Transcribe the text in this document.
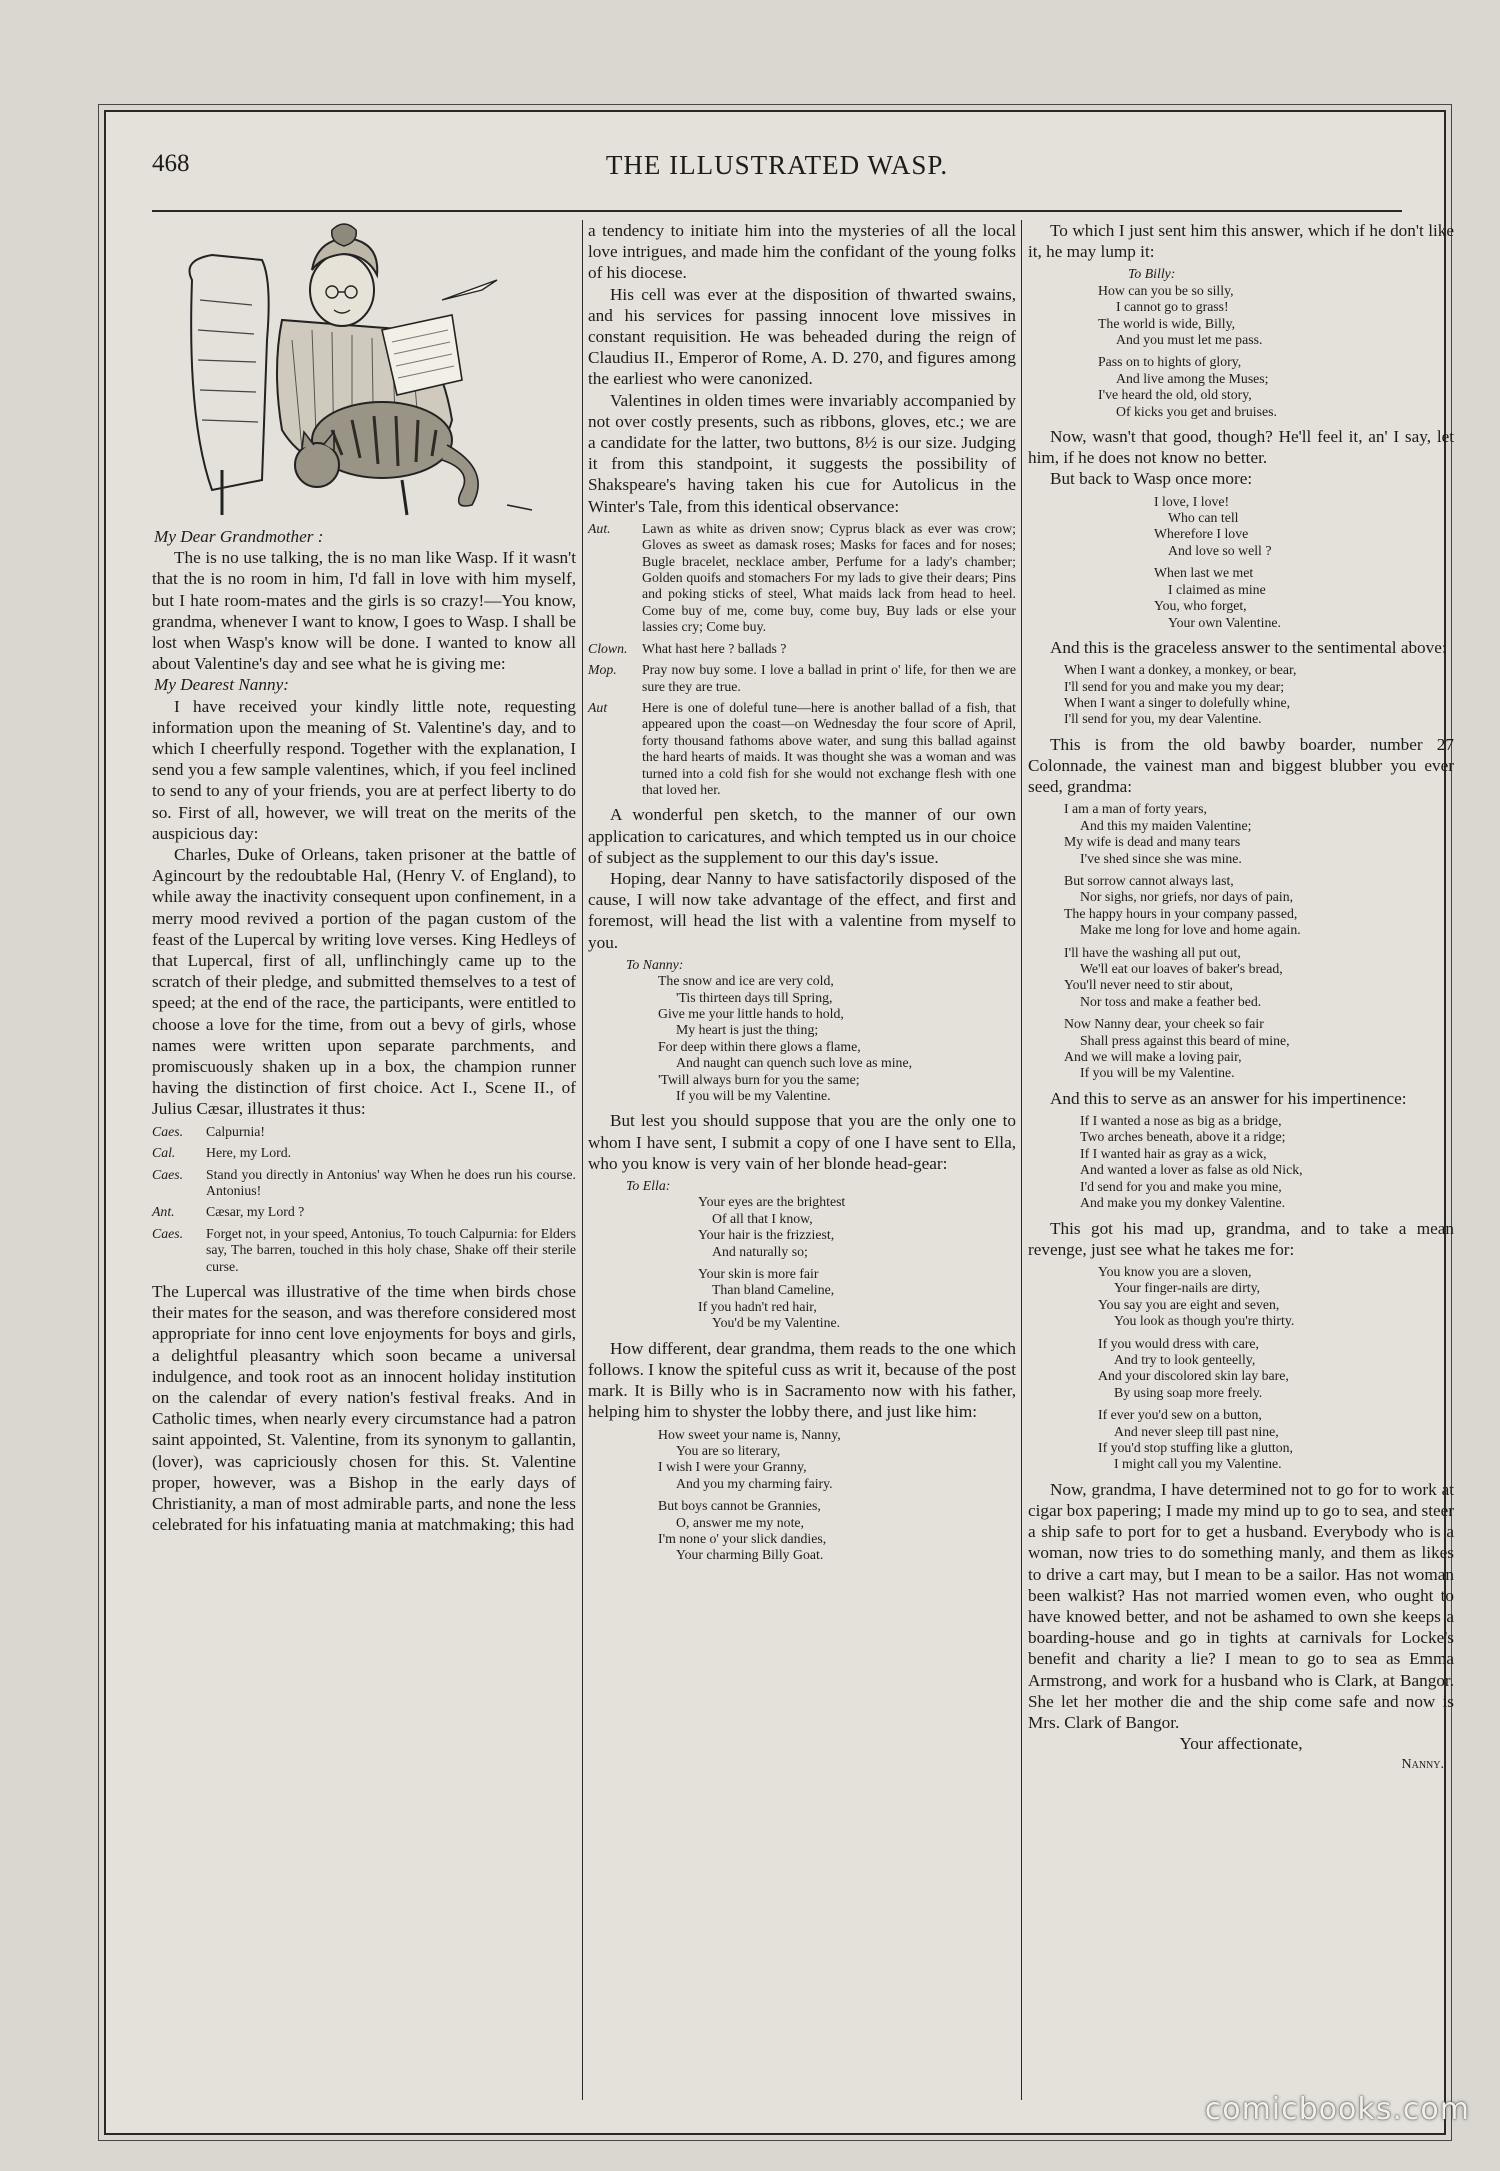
468	THE ILLUSTRATED WASP.

My Dear Grandmother :

The is no use talking, the is no man like Wasp. If it wasn't that the is no room in him, I'd fall in love with him myself, but I hate room-mates and the girls is so crazy!—You know, grandma, whenever I want to know, I goes to Wasp. I shall be lost when Wasp's know will be done. I wanted to know all about Valentine's day and see what he is giving me:

My Dearest Nanny:

I have received your kindly little note, requesting information upon the meaning of St. Valentine's day, and to which I cheerfully respond. Together with the explanation, I send you a few sample valentines, which, if you feel inclined to send to any of your friends, you are at perfect liberty to do so. First of all, however, we will treat on the merits of the auspicious day:

Charles, Duke of Orleans, taken prisoner at the battle of Agincourt by the redoubtable Hal, (Henry V. of England), to while away the inactivity consequent upon confinement, in a merry mood revived a portion of the pagan custom of the feast of the Lupercal by writing love verses. King Hedleys of that Lupercal, first of all, unflinchingly came up to the scratch of their pledge, and submitted themselves to a test of speed; at the end of the race, the participants, were entitled to choose a love for the time, from out a bevy of girls, whose names were written upon separate parchments, and promiscuously shaken up in a box, the champion runner having the distinction of first choice. Act I., Scene II., of Julius Cæsar, illustrates it thus:

Caes.	Calpurnia!
Cal.	Here, my Lord.
Caes.	Stand you directly in Antonius' way When he does run his course. Antonius!
Ant.	Cæsar, my Lord ?
Caes.	Forget not, in your speed, Antonius, To touch Calpurnia: for Elders say, The barren, touched in this holy chase, Shake off their sterile curse.

The Lupercal was illustrative of the time when birds chose their mates for the season, and was therefore considered most appropriate for inno cent love enjoyments for boys and girls, a delightful pleasantry which soon became a universal indulgence, and took root as an innocent holiday institution on the calendar of every nation's festival freaks. And in Catholic times, when nearly every circumstance had a patron saint appointed, St. Valentine, from its synonym to gallantin, (lover), was capriciously chosen for this. St. Valentine proper, however, was a Bishop in the early days of Christianity, a man of most admirable parts, and none the less celebrated for his infatuating mania at matchmaking; this had

a tendency to initiate him into the mysteries of all the local love intrigues, and made him the confidant of the young folks of his diocese.

His cell was ever at the disposition of thwarted swains, and his services for passing innocent love missives in constant requisition. He was beheaded during the reign of Claudius II., Emperor of Rome, A. D. 270, and figures among the earliest who were canonized.

Valentines in olden times were invariably accompanied by not over costly presents, such as ribbons, gloves, etc.; we are a candidate for the latter, two buttons, 8½ is our size. Judging it from this standpoint, it suggests the possibility of Shakspeare's having taken his cue for Autolicus in the Winter's Tale, from this identical observance:

Aut.	Lawn as white as driven snow; Cyprus black as ever was crow; Gloves as sweet as damask roses; Masks for faces and for noses; Bugle bracelet, necklace amber, Perfume for a lady's chamber; Golden quoifs and stomachers For my lads to give their dears; Pins and poking sticks of steel, What maids lack from head to heel. Come buy of me, come buy, come buy, Buy lads or else your lassies cry; Come buy.
Clown.	What hast here ? ballads ?
Mop.	Pray now buy some. I love a ballad in print o' life, for then we are sure they are true.
Aut	Here is one of doleful tune—here is another ballad of a fish, that appeared upon the coast—on Wednesday the four score of April, forty thousand fathoms above water, and sung this ballad against the hard hearts of maids. It was thought she was a woman and was turned into a cold fish for she would not exchange flesh with one that loved her.

A wonderful pen sketch, to the manner of our own application to caricatures, and which tempted us in our choice of subject as the supplement to our this day's issue.

Hoping, dear Nanny to have satisfactorily disposed of the cause, I will now take advantage of the effect, and first and foremost, will head the list with a valentine from myself to you.

To Nanny:
The snow and ice are very cold,
'Tis thirteen days till Spring,
Give me your little hands to hold,
My heart is just the thing;
For deep within there glows a flame,
And naught can quench such love as mine,
'Twill always burn for you the same;
If you will be my Valentine.

But lest you should suppose that you are the only one to whom I have sent, I submit a copy of one I have sent to Ella, who you know is very vain of her blonde head-gear:

To Ella:
Your eyes are the brightest
Of all that I know,
Your hair is the frizziest,
And naturally so;
Your skin is more fair
Than bland Cameline,
If you hadn't red hair,
You'd be my Valentine.

How different, dear grandma, them reads to the one which follows. I know the spiteful cuss as writ it, because of the post mark. It is Billy who is in Sacramento now with his father, helping him to shyster the lobby there, and just like him:

How sweet your name is, Nanny,
You are so literary,
I wish I were your Granny,
And you my charming fairy.
But boys cannot be Grannies,
O, answer me my note,
I'm none o' your slick dandies,
Your charming Billy Goat.

To which I just sent him this answer, which if he don't like it, he may lump it:

To Billy:
How can you be so silly,
I cannot go to grass!
The world is wide, Billy,
And you must let me pass.
Pass on to hights of glory,
And live among the Muses;
I've heard the old, old story,
Of kicks you get and bruises.

Now, wasn't that good, though? He'll feel it, an' I say, let him, if he does not know no better.

But back to Wasp once more:

I love, I love!
Who can tell
Wherefore I love
And love so well ?
When last we met
I claimed as mine
You, who forget,
Your own Valentine.

And this is the graceless answer to the sentimental above:

When I want a donkey, a monkey, or bear,
I'll send for you and make you my dear;
When I want a singer to dolefully whine,
I'll send for you, my dear Valentine.

This is from the old bawby boarder, number 27 Colonnade, the vainest man and biggest blubber you ever seed, grandma:

I am a man of forty years,
And this my maiden Valentine;
My wife is dead and many tears
I've shed since she was mine.
But sorrow cannot always last,
Nor sighs, nor griefs, nor days of pain,
The happy hours in your company passed,
Make me long for love and home again.
I'll have the washing all put out,
We'll eat our loaves of baker's bread,
You'll never need to stir about,
Nor toss and make a feather bed.
Now Nanny dear, your cheek so fair
Shall press against this beard of mine,
And we will make a loving pair,
If you will be my Valentine.

And this to serve as an answer for his impertinence:

If I wanted a nose as big as a bridge,
Two arches beneath, above it a ridge;
If I wanted hair as gray as a wick,
And wanted a lover as false as old Nick,
I'd send for you and make you mine,
And make you my donkey Valentine.

This got his mad up, grandma, and to take a mean revenge, just see what he takes me for:

You know you are a sloven,
Your finger-nails are dirty,
You say you are eight and seven,
You look as though you're thirty.
If you would dress with care,
And try to look genteelly,
And your discolored skin lay bare,
By using soap more freely.
If ever you'd sew on a button,
And never sleep till past nine,
If you'd stop stuffing like a glutton,
I might call you my Valentine.

Now, grandma, I have determined not to go for to work at cigar box papering; I made my mind up to go to sea, and steer a ship safe to port for to get a husband. Everybody who is a woman, now tries to do something manly, and them as likes to drive a cart may, but I mean to be a sailor. Has not woman been walkist? Has not married women even, who ought to have knowed better, and not be ashamed to own she keeps a boarding-house and go in tights at carnivals for Locke's benefit and charity a lie? I mean to go to sea as Emma Armstrong, and work for a husband who is Clark, at Bangor. She let her mother die and the ship come safe and now is Mrs. Clark of Bangor.

Your affectionate,

Nanny.

comicbooks.com
